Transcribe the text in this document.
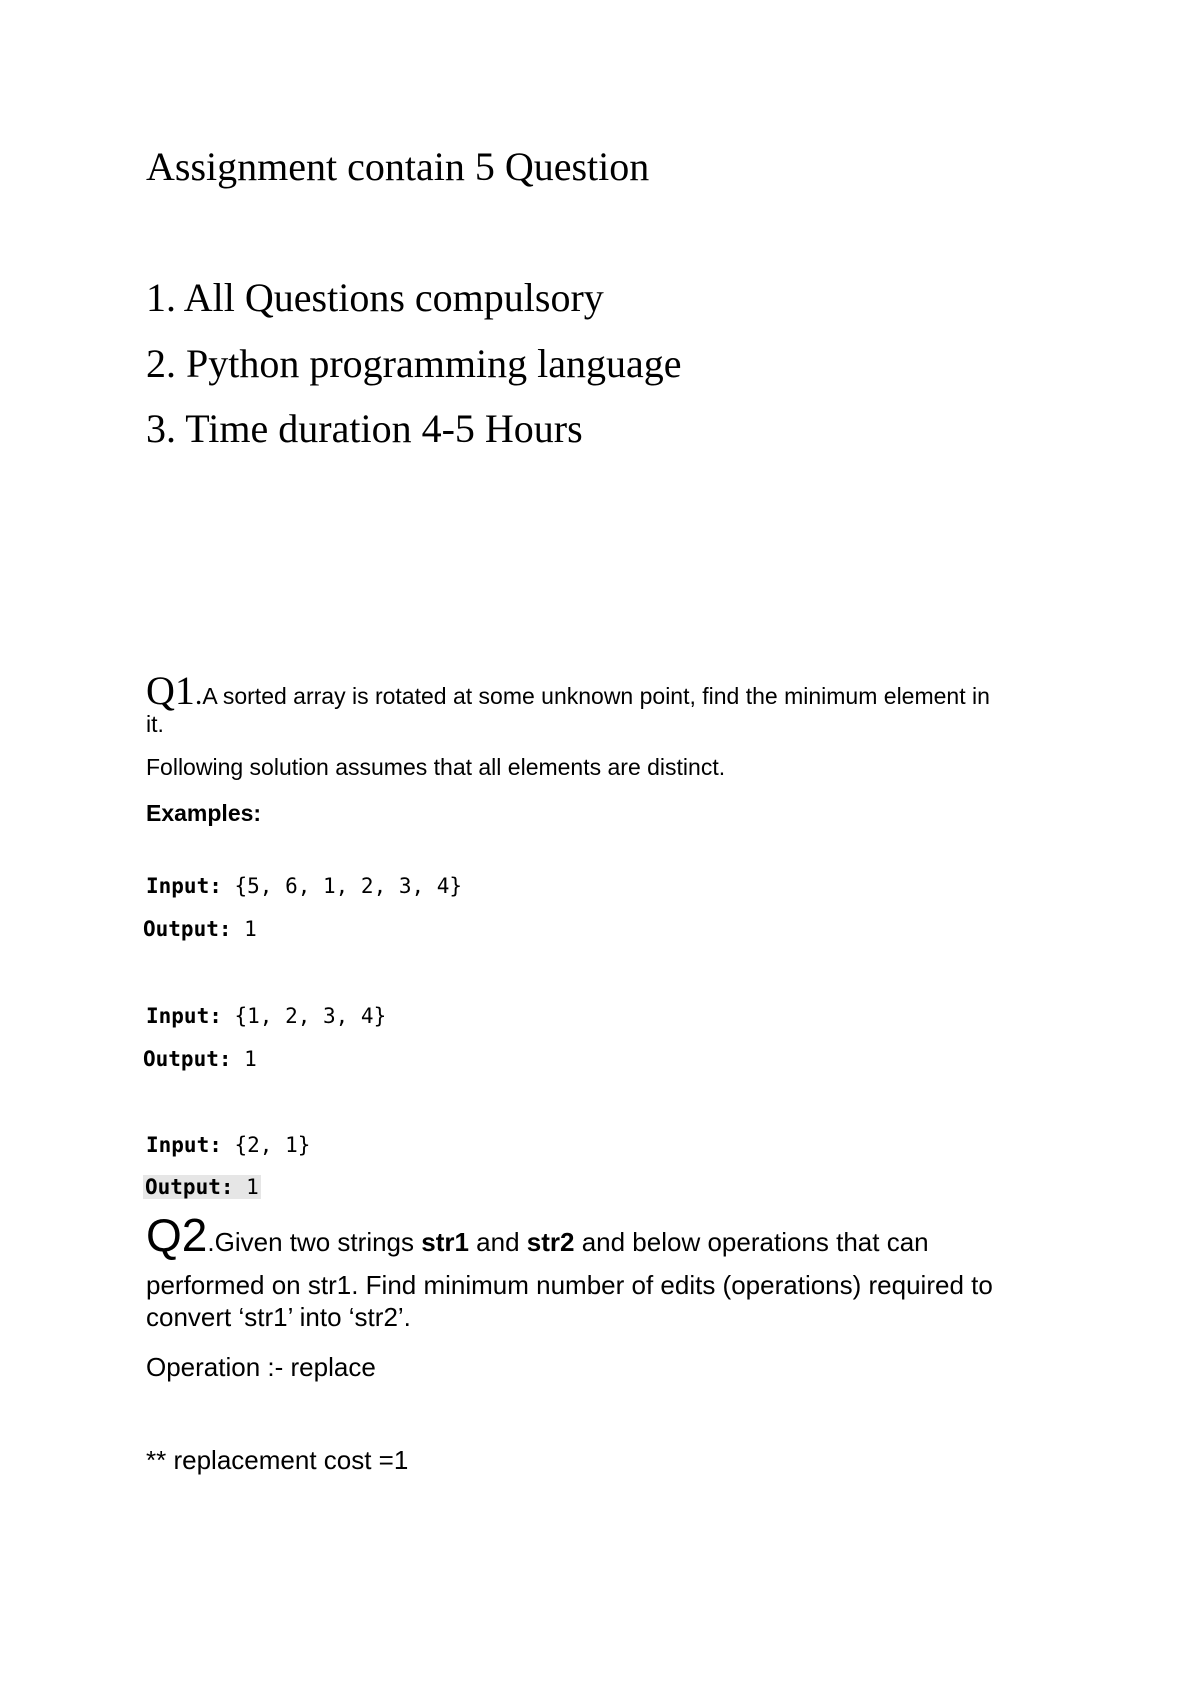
Assignment contain 5 Question
1. All Questions compulsory
2. Python programming language
3. Time duration 4-5 Hours
Q1.A sorted array is rotated at some unknown point, find the minimum element in
it.
Following solution assumes that all elements are distinct.
Examples:
Input: {5, 6, 1, 2, 3, 4}
Output: 1
Input: {1, 2, 3, 4}
Output: 1
Input: {2, 1}
Output: 1
Q2.Given two strings str1 and str2 and below operations that can
performed on str1. Find minimum number of edits (operations) required to
convert ‘str1’ into ‘str2’.
Operation :- replace
** replacement cost =1
